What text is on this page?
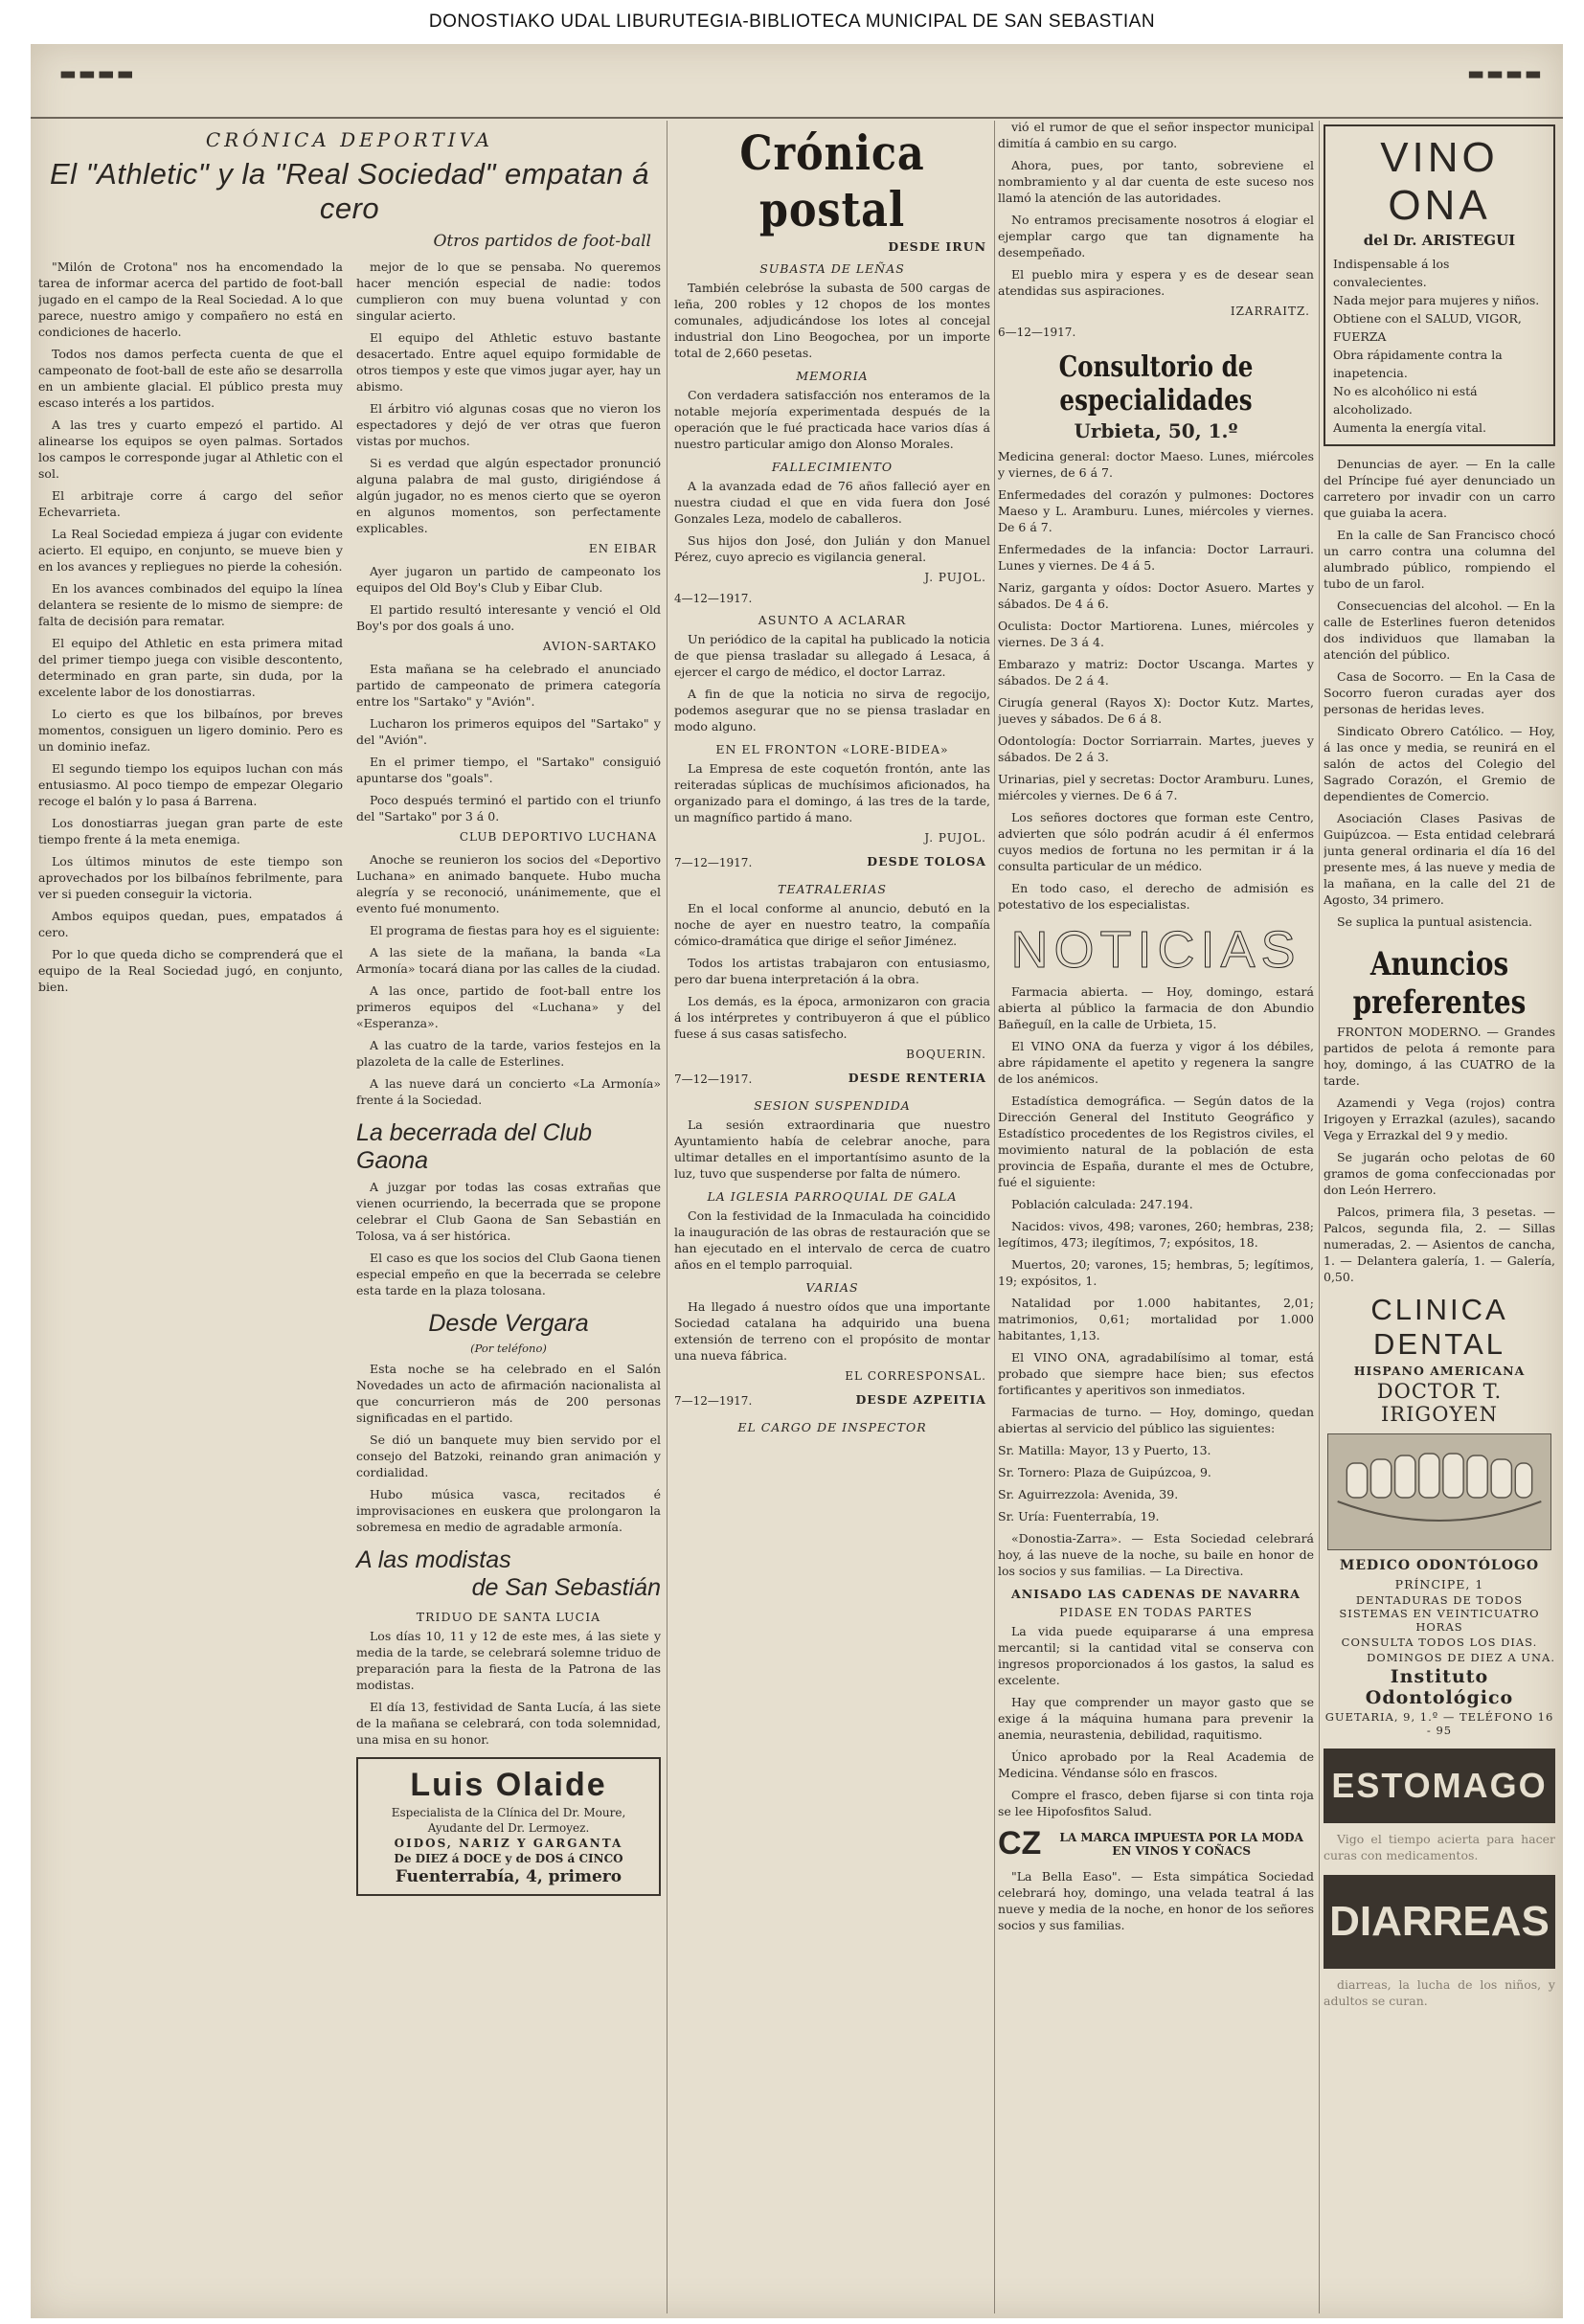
DONOSTIAKO UDAL LIBURUTEGIA-BIBLIOTECA MUNICIPAL DE SAN SEBASTIAN
▬▬▬▬	▬▬▬▬
CRÓNICA DEPORTIVA
El "Athletic" y la "Real Sociedad" empatan á cero
Otros partidos de foot-ball

"Milón de Crotona" nos ha encomendado la tarea de informar acerca del partido de foot-ball jugado en el campo de la Real Sociedad. A lo que parece, nuestro amigo y compañero no está en condiciones de hacerlo.

Todos nos damos perfecta cuenta de que el campeonato de foot-ball de este año se desarrolla en un ambiente glacial. El público presta muy escaso interés a los partidos.

A las tres y cuarto empezó el partido. Al alinearse los equipos se oyen palmas. Sortados los campos le corresponde jugar al Athletic con el sol.

El arbitraje corre á cargo del señor Echevarrieta.

La Real Sociedad empieza á jugar con evidente acierto. El equipo, en conjunto, se mueve bien y en los avances y repliegues no pierde la cohesión.

En los avances combinados del equipo la línea delantera se resiente de lo mismo de siempre: de falta de decisión para rematar.

El equipo del Athletic en esta primera mitad del primer tiempo juega con visible descontento, determinado en gran parte, sin duda, por la excelente labor de los donostiarras.

Lo cierto es que los bilbaínos, por breves momentos, consiguen un ligero dominio. Pero es un dominio inefaz.

El segundo tiempo los equipos luchan con más entusiasmo. Al poco tiempo de empezar Olegario recoge el balón y lo pasa á Barrena.

Los donostiarras juegan gran parte de este tiempo frente á la meta enemiga.

Los últimos minutos de este tiempo son aprovechados por los bilbaínos febrilmente, para ver si pueden conseguir la victoria.

Ambos equipos quedan, pues, empatados á cero.

Por lo que queda dicho se comprenderá que el equipo de la Real Sociedad jugó, en conjunto, bien.

mejor de lo que se pensaba. No queremos hacer mención especial de nadie: todos cumplieron con muy buena voluntad y con singular acierto.

El equipo del Athletic estuvo bastante desacertado. Entre aquel equipo formidable de otros tiempos y este que vimos jugar ayer, hay un abismo.

El árbitro vió algunas cosas que no vieron los espectadores y dejó de ver otras que fueron vistas por muchos.

Si es verdad que algún espectador pronunció alguna palabra de mal gusto, dirigiéndose á algún jugador, no es menos cierto que se oyeron en algunos momentos, son perfectamente explicables.

EN EIBAR

Ayer jugaron un partido de campeonato los equipos del Old Boy's Club y Eibar Club.

El partido resultó interesante y venció el Old Boy's por dos goals á uno.

AVION-SARTAKO

Esta mañana se ha celebrado el anunciado partido de campeonato de primera categoría entre los "Sartako" y "Avión".

Lucharon los primeros equipos del "Sartako" y del "Avión".

En el primer tiempo, el "Sartako" consiguió apuntarse dos "goals".

Poco después terminó el partido con el triunfo del "Sartako" por 3 á 0.

CLUB DEPORTIVO LUCHANA

Anoche se reunieron los socios del «Deportivo Luchana» en animado banquete. Hubo mucha alegría y se reconoció, unánimemente, que el evento fué monumento.

El programa de fiestas para hoy es el siguiente:

A las siete de la mañana, la banda «La Armonía» tocará diana por las calles de la ciudad.

A las once, partido de foot-ball entre los primeros equipos del «Luchana» y del «Esperanza».

A las cuatro de la tarde, varios festejos en la plazoleta de la calle de Esterlines.

A las nueve dará un concierto «La Armonía» frente á la Sociedad.

La becerrada del Club Gaona

A juzgar por todas las cosas extrañas que vienen ocurriendo, la becerrada que se propone celebrar el Club Gaona de San Sebastián en Tolosa, va á ser histórica.

El caso es que los socios del Club Gaona tienen especial empeño en que la becerrada se celebre esta tarde en la plaza tolosana.

Desde Vergara
(Por teléfono)

Esta noche se ha celebrado en el Salón Novedades un acto de afirmación nacionalista al que concurrieron más de 200 personas significadas en el partido.

Se dió un banquete muy bien servido por el consejo del Batzoki, reinando gran animación y cordialidad.

Hubo música vasca, recitados é improvisaciones en euskera que prolongaron la sobremesa en medio de agradable armonía.

A las modistas
de San Sebastián
TRIDUO DE SANTA LUCIA

Los días 10, 11 y 12 de este mes, á las siete y media de la tarde, se celebrará solemne triduo de preparación para la fiesta de la Patrona de las modistas.

El día 13, festividad de Santa Lucía, á las siete de la mañana se celebrará, con toda solemnidad, una misa en su honor.

Luis Olaide
Especialista de la Clínica del Dr. Moure,
Ayudante del Dr. Lermoyez.
OIDOS, NARIZ Y GARGANTA
De DIEZ á DOCE y de DOS á CINCO
Fuenterrabía, 4, primero
Crónica postal
DESDE IRUN
SUBASTA DE LEÑAS

También celebróse la subasta de 500 cargas de leña, 200 robles y 12 chopos de los montes comunales, adjudicándose los lotes al concejal industrial don Lino Beogochea, por un importe total de 2,660 pesetas.

MEMORIA

Con verdadera satisfacción nos enteramos de la notable mejoría experimentada después de la operación que le fué practicada hace varios días á nuestro particular amigo don Alonso Morales.

FALLECIMIENTO

A la avanzada edad de 76 años falleció ayer en nuestra ciudad el que en vida fuera don José Gonzales Leza, modelo de caballeros.

Sus hijos don José, don Julián y don Manuel Pérez, cuyo aprecio es vigilancia general.

J. PUJOL.
4—12—1917.
ASUNTO A ACLARAR

Un periódico de la capital ha publicado la noticia de que piensa trasladar su allegado á Lesaca, á ejercer el cargo de médico, el doctor Larraz.

A fin de que la noticia no sirva de regocijo, podemos asegurar que no se piensa trasladar en modo alguno.

EN EL FRONTON «LORE-BIDEA»

La Empresa de este coquetón frontón, ante las reiteradas súplicas de muchísimos aficionados, ha organizado para el domingo, á las tres de la tarde, un magnífico partido á mano.

J. PUJOL.
7—12—1917.	DESDE TOLOSA
TEATRALERIAS

En el local conforme al anuncio, debutó en la noche de ayer en nuestro teatro, la compañía cómico-dramática que dirige el señor Jiménez.

Todos los artistas trabajaron con entusiasmo, pero dar buena interpretación á la obra.

Los demás, es la época, armonizaron con gracia á los intérpretes y contribuyeron á que el público fuese á sus casas satisfecho.

BOQUERIN.
7—12—1917.	DESDE RENTERIA
SESION SUSPENDIDA

La sesión extraordinaria que nuestro Ayuntamiento había de celebrar anoche, para ultimar detalles en el importantísimo asunto de la luz, tuvo que suspenderse por falta de número.

LA IGLESIA PARROQUIAL DE GALA

Con la festividad de la Inmaculada ha coincidido la inauguración de las obras de restauración que se han ejecutado en el intervalo de cerca de cuatro años en el templo parroquial.

VARIAS

Ha llegado á nuestro oídos que una importante Sociedad catalana ha adquirido una buena extensión de terreno con el propósito de montar una nueva fábrica.

EL CORRESPONSAL.
7—12—1917.	DESDE AZPEITIA
EL CARGO DE INSPECTOR

vió el rumor de que el señor inspector municipal dimitía á cambio en su cargo.

Ahora, pues, por tanto, sobreviene el nombramiento y al dar cuenta de este suceso nos llamó la atención de las autoridades.

No entramos precisamente nosotros á elogiar el ejemplar cargo que tan dignamente ha desempeñado.

El pueblo mira y espera y es de desear sean atendidas sus aspiraciones.

IZARRAITZ.
6—12—1917.
Consultorio de especialidades
Urbieta, 50, 1.º

Medicina general: doctor Maeso. Lunes, miércoles y viernes, de 6 á 7.

Enfermedades del corazón y pulmones: Doctores Maeso y L. Aramburu. Lunes, miércoles y viernes. De 6 á 7.

Enfermedades de la infancia: Doctor Larrauri. Lunes y viernes. De 4 á 5.

Nariz, garganta y oídos: Doctor Asuero. Martes y sábados. De 4 á 6.

Oculista: Doctor Martiorena. Lunes, miércoles y viernes. De 3 á 4.

Embarazo y matriz: Doctor Uscanga. Martes y sábados. De 2 á 4.

Cirugía general (Rayos X): Doctor Kutz. Martes, jueves y sábados. De 6 á 8.

Odontología: Doctor Sorriarrain. Martes, jueves y sábados. De 2 á 3.

Urinarias, piel y secretas: Doctor Aramburu. Lunes, miércoles y viernes. De 6 á 7.

Los señores doctores que forman este Centro, advierten que sólo podrán acudir á él enfermos cuyos medios de fortuna no les permitan ir á la consulta particular de un médico.

En todo caso, el derecho de admisión es potestativo de los especialistas.

NOTICIAS

Farmacia abierta. — Hoy, domingo, estará abierta al público la farmacia de don Abundio Bañeguíl, en la calle de Urbieta, 15.

El VINO ONA da fuerza y vigor á los débiles, abre rápidamente el apetito y regenera la sangre de los anémicos.

Estadística demográfica. — Según datos de la Dirección General del Instituto Geográfico y Estadístico procedentes de los Registros civiles, el movimiento natural de la población de esta provincia de España, durante el mes de Octubre, fué el siguiente:

Población calculada: 247.194.

Nacidos: vivos, 498; varones, 260; hembras, 238; legítimos, 473; ilegítimos, 7; expósitos, 18.

Muertos, 20; varones, 15; hembras, 5; legítimos, 19; expósitos, 1.

Natalidad por 1.000 habitantes, 2,01; matrimonios, 0,61; mortalidad por 1.000 habitantes, 1,13.

El VINO ONA, agradabilísimo al tomar, está probado que siempre hace bien; sus efectos fortificantes y aperitivos son inmediatos.

Farmacias de turno. — Hoy, domingo, quedan abiertas al servicio del público las siguientes:

Sr. Matilla: Mayor, 13 y Puerto, 13.

Sr. Tornero: Plaza de Guipúzcoa, 9.

Sr. Aguirrezzola: Avenida, 39.

Sr. Uría: Fuenterrabía, 19.

«Donostia-Zarra». — Esta Sociedad celebrará hoy, á las nueve de la noche, su baile en honor de los socios y sus familias. — La Directiva.

ANISADO LAS CADENAS DE NAVARRA
PIDASE EN TODAS PARTES

La vida puede equipararse á una empresa mercantil; si la cantidad vital se conserva con ingresos proporcionados á los gastos, la salud es excelente.

Hay que comprender un mayor gasto que se exige á la máquina humana para prevenir la anemia, neurastenia, debilidad, raquitismo.

Único aprobado por la Real Academia de Medicina. Véndanse sólo en frascos.

Compre el frasco, deben fijarse si con tinta roja se lee Hipofosfitos Salud.

CZ	LA MARCA IMPUESTA POR LA MODA EN VINOS Y COÑACS

"La Bella Easo". — Esta simpática Sociedad celebrará hoy, domingo, una velada teatral á las nueve y media de la noche, en honor de los señores socios y sus familias.

VINO ONA
del Dr. ARISTEGUI
Indispensable á los convalecientes.
Nada mejor para mujeres y niños.
Obtiene con el SALUD, VIGOR, FUERZA
Obra rápidamente contra la inapetencia.
No es alcohólico ni está alcoholizado.
Aumenta la energía vital.

Denuncias de ayer. — En la calle del Príncipe fué ayer denunciado un carretero por invadir con un carro que guiaba la acera.

En la calle de San Francisco chocó un carro contra una columna del alumbrado público, rompiendo el tubo de un farol.

Consecuencias del alcohol. — En la calle de Esterlines fueron detenidos dos individuos que llamaban la atención del público.

Casa de Socorro. — En la Casa de Socorro fueron curadas ayer dos personas de heridas leves.

Sindicato Obrero Católico. — Hoy, á las once y media, se reunirá en el salón de actos del Colegio del Sagrado Corazón, el Gremio de dependientes de Comercio.

Asociación Clases Pasivas de Guipúzcoa. — Esta entidad celebrará junta general ordinaria el día 16 del presente mes, á las nueve y media de la mañana, en la calle del 21 de Agosto, 34 primero.

Se suplica la puntual asistencia.

Anuncios preferentes

FRONTON MODERNO. — Grandes partidos de pelota á remonte para hoy, domingo, á las CUATRO de la tarde.

Azamendi y Vega (rojos) contra Irigoyen y Errazkal (azules), sacando Vega y Errazkal del 9 y medio.

Se jugarán ocho pelotas de 60 gramos de goma confeccionadas por don León Herrero.

Palcos, primera fila, 3 pesetas. — Palcos, segunda fila, 2. — Sillas numeradas, 2. — Asientos de cancha, 1. — Delantera galería, 1. — Galería, 0,50.

CLINICA DENTAL
HISPANO AMERICANA
DOCTOR T. IRIGOYEN
MEDICO ODONTÓLOGO
PRÍNCIPE, 1
DENTADURAS DE TODOS SISTEMAS EN VEINTICUATRO HORAS
CONSULTA TODOS LOS DIAS.
DOMINGOS DE DIEZ A UNA.
Instituto Odontológico
GUETARIA, 9, 1.º — TELÉFONO 16 - 95
ESTOMAGO

Vigo el tiempo acierta para hacer curas con medicamentos.

DIARREAS

diarreas, la lucha de los niños, y adultos se curan.
